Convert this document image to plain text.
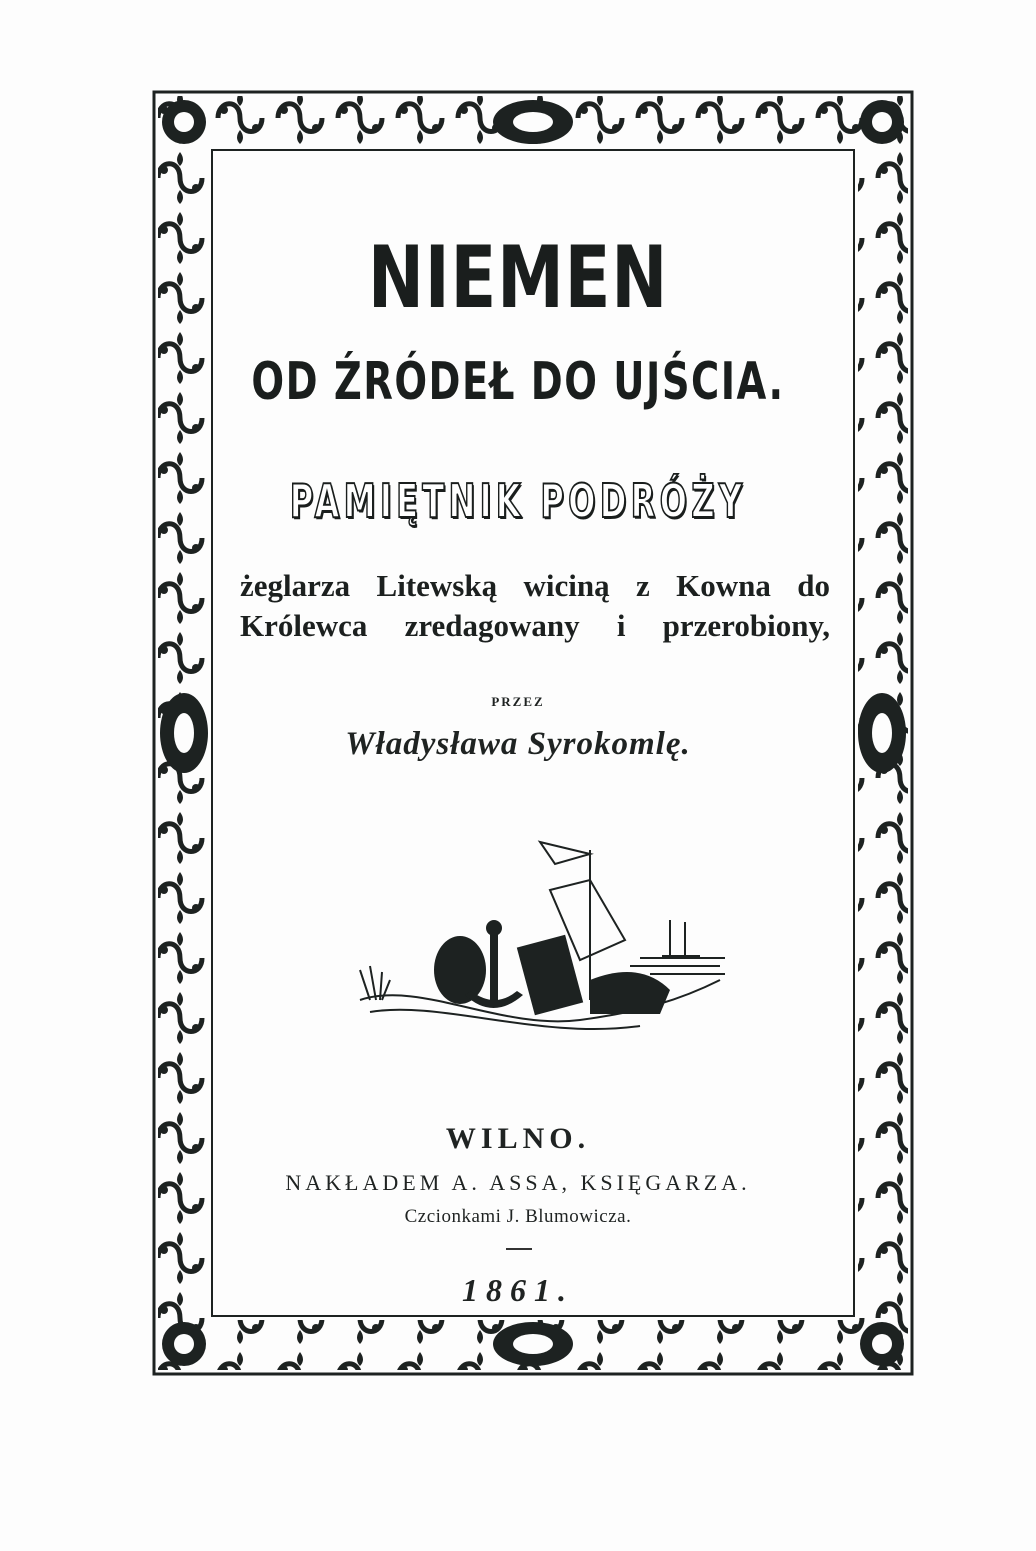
NIEMEN
OD ŹRÓDEŁ DO UJŚCIA.
PAMIĘTNIK PODRÓŻY
żeglarza Litewską wiciną z Kowna do
Królewca zredagowany i przerobiony,
PRZEZ
Władysława Syrokomlę.
WILNO.
NAKŁADEM A. ASSA, KSIĘGARZA.
Czcionkami J. Blumowicza.
1861.
